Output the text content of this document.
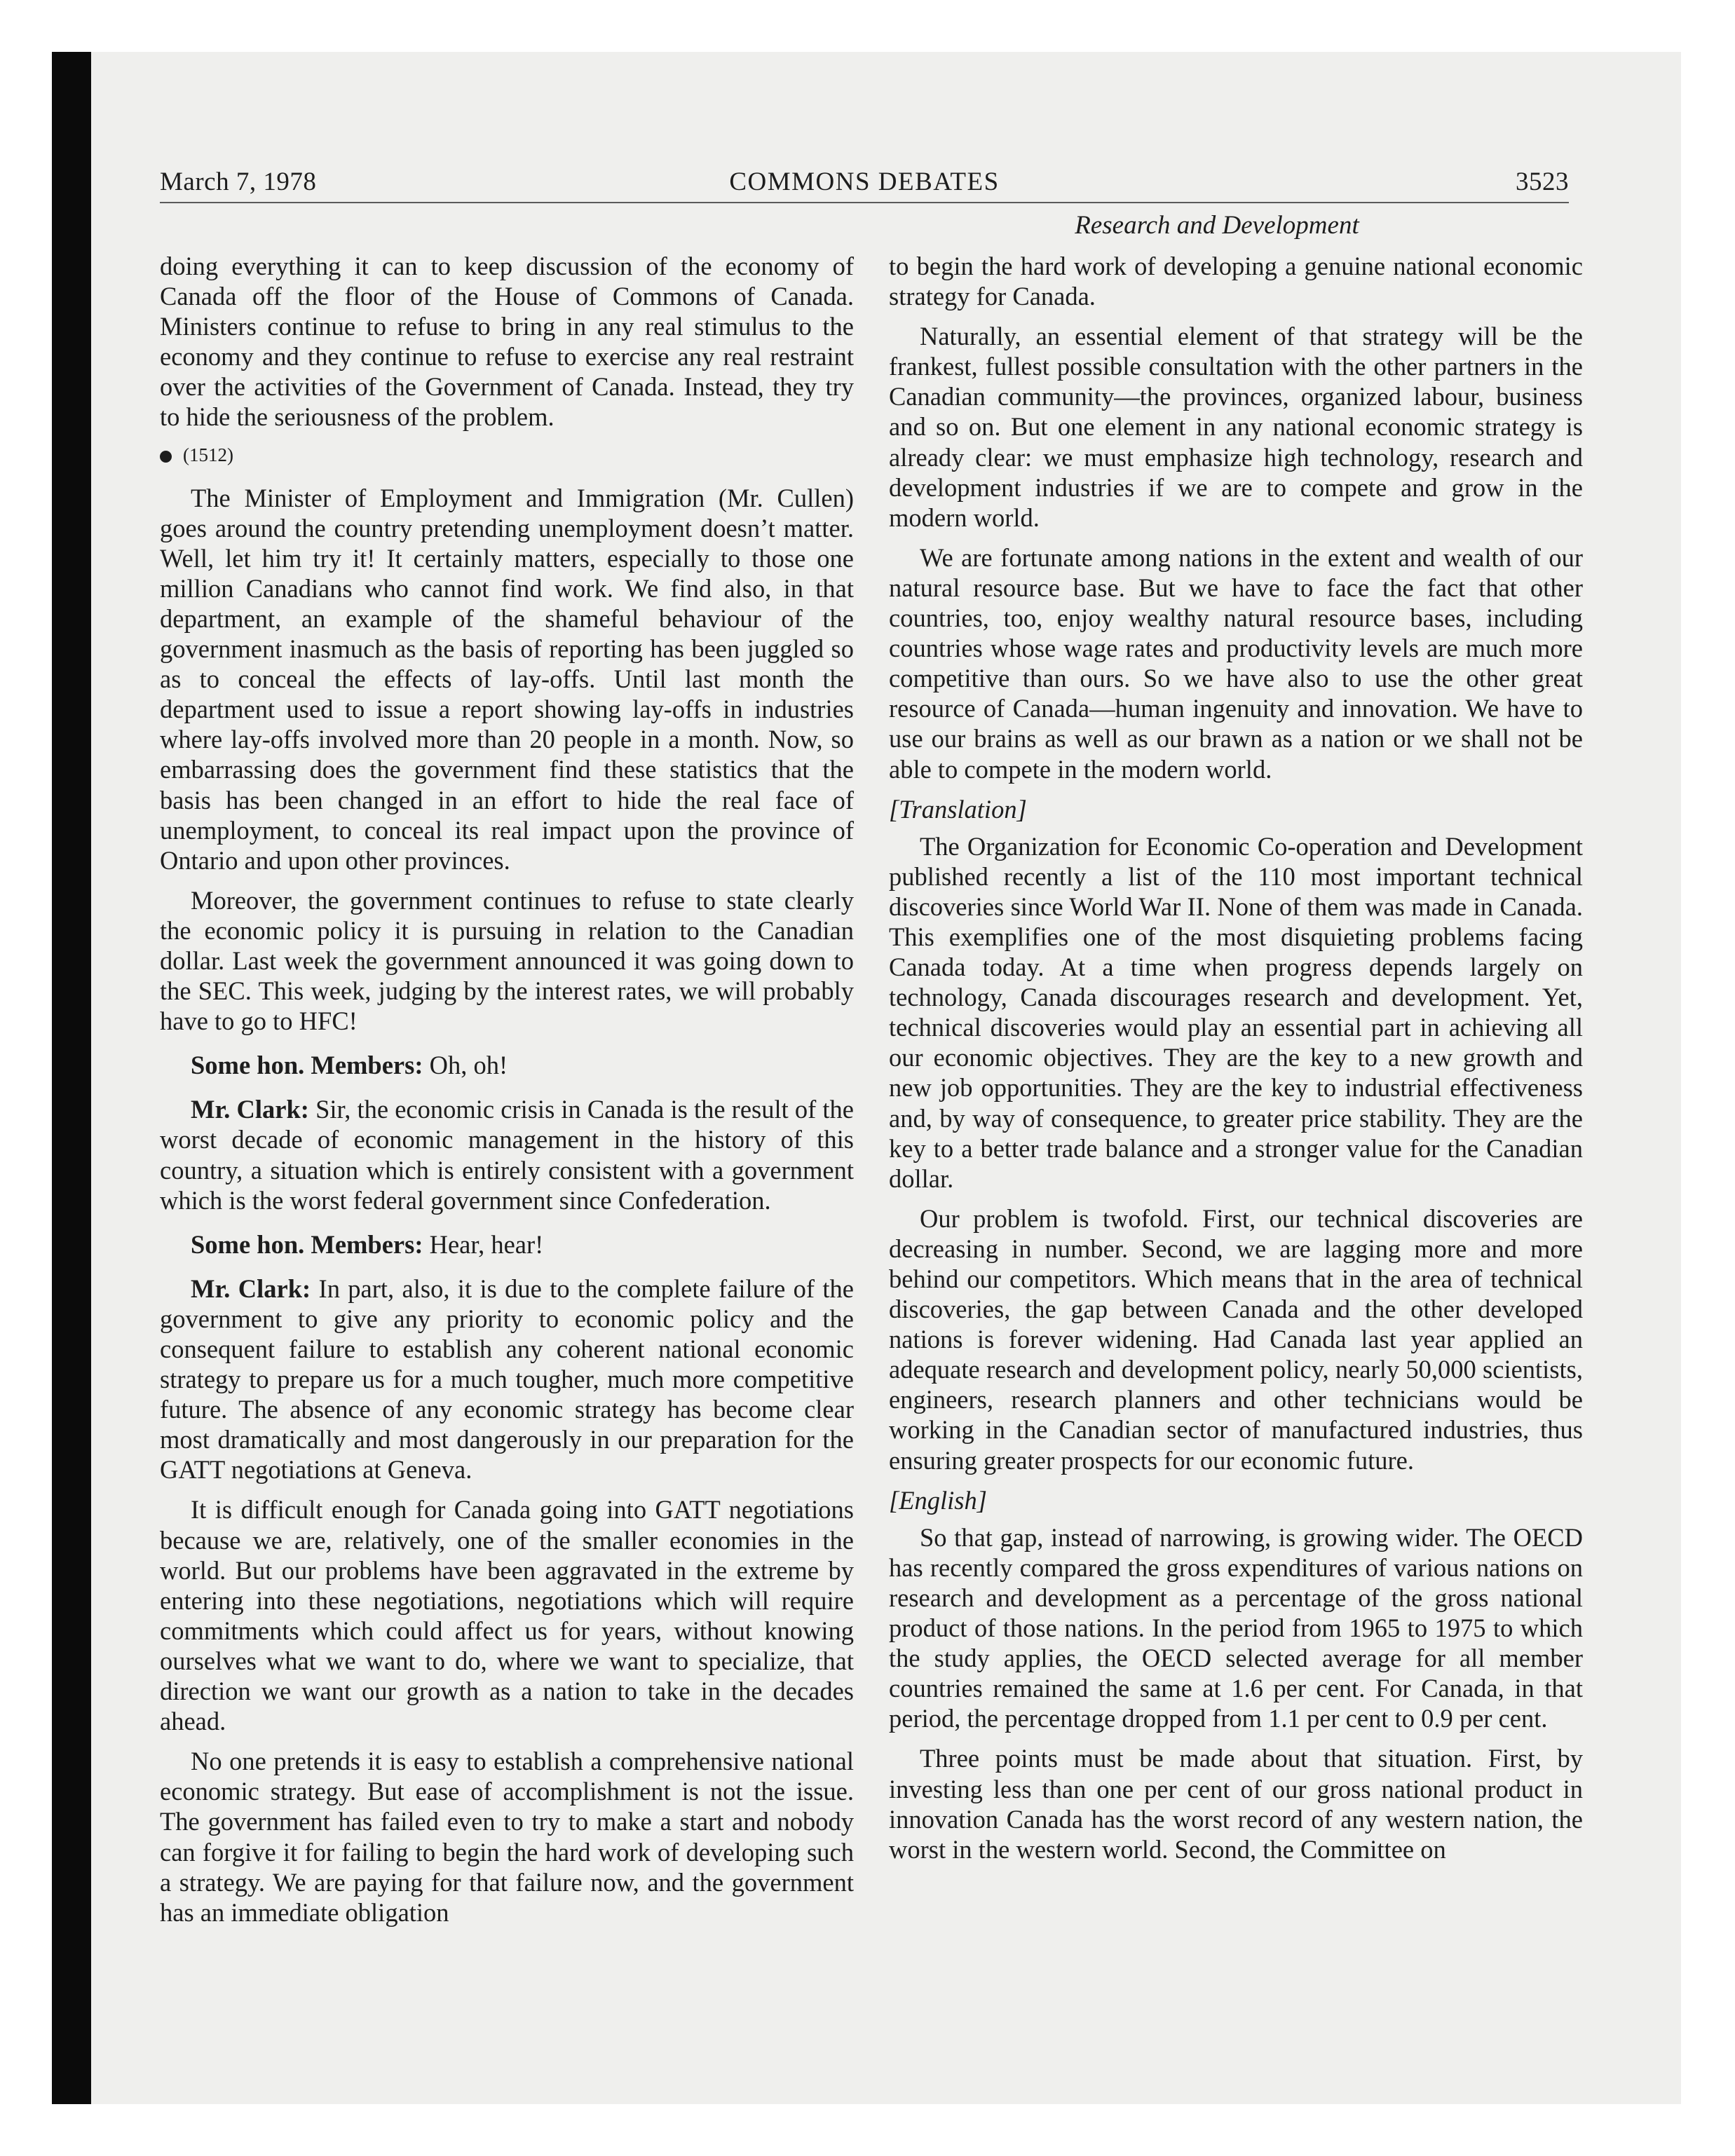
March 7, 1978	COMMONS DEBATES	3523
Research and Development

doing everything it can to keep discussion of the economy of Canada off the floor of the House of Commons of Canada. Ministers continue to refuse to bring in any real stimulus to the economy and they continue to refuse to exercise any real restraint over the activities of the Government of Canada. Instead, they try to hide the seriousness of the problem.

(1512)

The Minister of Employment and Immigration (Mr. Cullen) goes around the country pretending unemployment doesn’t matter. Well, let him try it! It certainly matters, especially to those one million Canadians who cannot find work. We find also, in that department, an example of the shameful behaviour of the government inasmuch as the basis of reporting has been juggled so as to conceal the effects of lay-offs. Until last month the department used to issue a report showing lay-offs in industries where lay-offs involved more than 20 people in a month. Now, so embarrassing does the government find these statistics that the basis has been changed in an effort to hide the real face of unemployment, to conceal its real impact upon the province of Ontario and upon other provinces.

Moreover, the government continues to refuse to state clearly the economic policy it is pursuing in relation to the Canadian dollar. Last week the government announced it was going down to the SEC. This week, judging by the interest rates, we will probably have to go to HFC!

Some hon. Members: Oh, oh!

Mr. Clark: Sir, the economic crisis in Canada is the result of the worst decade of economic management in the history of this country, a situation which is entirely consistent with a government which is the worst federal government since Confederation.

Some hon. Members: Hear, hear!

Mr. Clark: In part, also, it is due to the complete failure of the government to give any priority to economic policy and the consequent failure to establish any coherent national economic strategy to prepare us for a much tougher, much more competitive future. The absence of any economic strategy has become clear most dramatically and most dangerously in our preparation for the GATT negotiations at Geneva.

It is difficult enough for Canada going into GATT negotiations because we are, relatively, one of the smaller economies in the world. But our problems have been aggravated in the extreme by entering into these negotiations, negotiations which will require commitments which could affect us for years, without knowing ourselves what we want to do, where we want to specialize, that direction we want our growth as a nation to take in the decades ahead.

No one pretends it is easy to establish a comprehensive national economic strategy. But ease of accomplishment is not the issue. The government has failed even to try to make a start and nobody can forgive it for failing to begin the hard work of developing such a strategy. We are paying for that failure now, and the government has an immediate obligation

to begin the hard work of developing a genuine national economic strategy for Canada.

Naturally, an essential element of that strategy will be the frankest, fullest possible consultation with the other partners in the Canadian community—the provinces, organized labour, business and so on. But one element in any national economic strategy is already clear: we must emphasize high technology, research and development industries if we are to compete and grow in the modern world.

We are fortunate among nations in the extent and wealth of our natural resource base. But we have to face the fact that other countries, too, enjoy wealthy natural resource bases, including countries whose wage rates and productivity levels are much more competitive than ours. So we have also to use the other great resource of Canada—human ingenuity and innovation. We have to use our brains as well as our brawn as a nation or we shall not be able to compete in the modern world.

[Translation]

The Organization for Economic Co-operation and Development published recently a list of the 110 most important technical discoveries since World War II. None of them was made in Canada. This exemplifies one of the most disquieting problems facing Canada today. At a time when progress depends largely on technology, Canada discourages research and development. Yet, technical discoveries would play an essential part in achieving all our economic objectives. They are the key to a new growth and new job opportunities. They are the key to industrial effectiveness and, by way of consequence, to greater price stability. They are the key to a better trade balance and a stronger value for the Canadian dollar.

Our problem is twofold. First, our technical discoveries are decreasing in number. Second, we are lagging more and more behind our competitors. Which means that in the area of technical discoveries, the gap between Canada and the other developed nations is forever widening. Had Canada last year applied an adequate research and development policy, nearly 50,000 scientists, engineers, research planners and other technicians would be working in the Canadian sector of manufactured industries, thus ensuring greater prospects for our economic future.

[English]

So that gap, instead of narrowing, is growing wider. The OECD has recently compared the gross expenditures of various nations on research and development as a percentage of the gross national product of those nations. In the period from 1965 to 1975 to which the study applies, the OECD selected average for all member countries remained the same at 1.6 per cent. For Canada, in that period, the percentage dropped from 1.1 per cent to 0.9 per cent.

Three points must be made about that situation. First, by investing less than one per cent of our gross national product in innovation Canada has the worst record of any western nation, the worst in the western world. Second, the Committee on
